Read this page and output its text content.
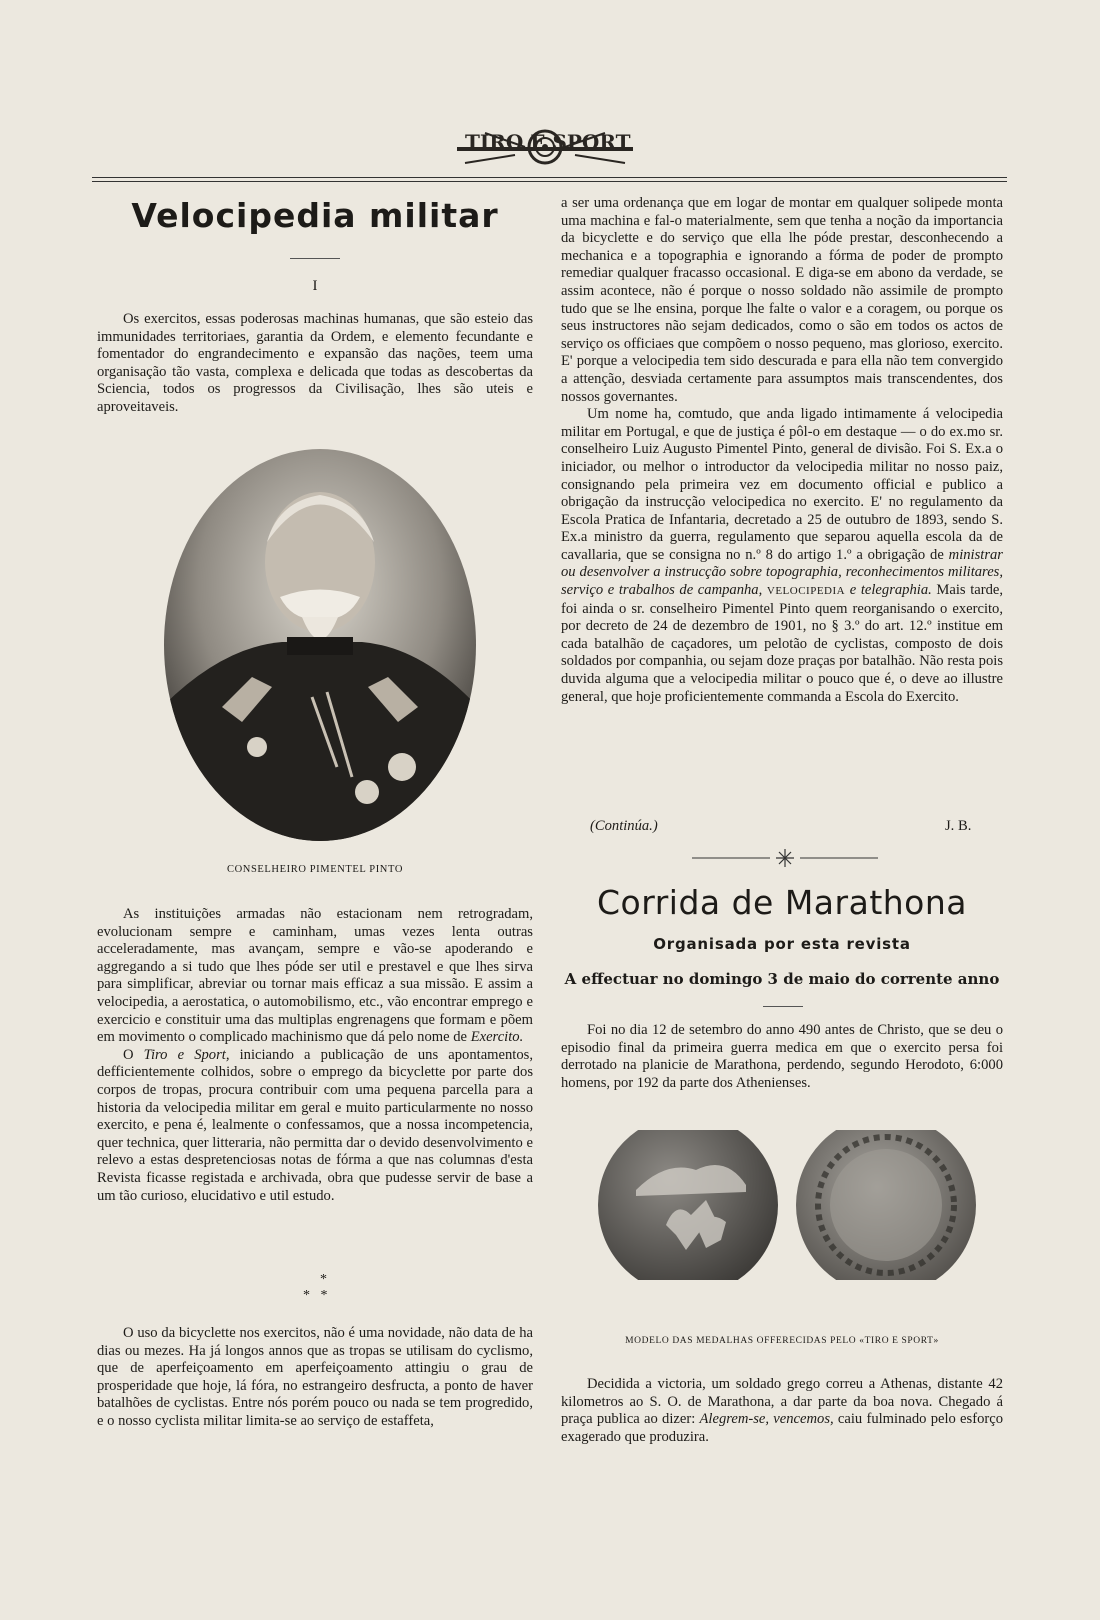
TIRO E SPORT
Velocipedia militar
I

Os exercitos, essas poderosas machinas humanas, que são esteio das immunidades territoriaes, garantia da Ordem, e elemento fecundante e fomentador do engrandecimento e expansão das nações, teem uma organisação tão vasta, complexa e delicada que todas as descobertas da Sciencia, todos os progressos da Civilisação, lhes são uteis e aproveitaveis.

CONSELHEIRO PIMENTEL PINTO

As instituições armadas não estacionam nem retrogradam, evolucionam sempre e caminham, umas vezes lenta outras acceleradamente, mas avançam, sempre e vão-se apoderando e aggregando a si tudo que lhes póde ser util e prestavel e que lhes sirva para simplificar, abreviar ou tornar mais efficaz a sua missão. E assim a velocipedia, a aerostatica, o automobilismo, etc., vão encontrar emprego e exercicio e constituir uma das multiplas engrenagens que formam e põem em movimento o complicado machinismo que dá pelo nome de Exercito.

O Tiro e Sport, iniciando a publicação de uns apontamentos, defficientemente colhidos, sobre o emprego da bicyclette por parte dos corpos de tropas, procura contribuir com uma pequena parcella para a historia da velocipedia militar em geral e muito particularmente no nosso exercito, e pena é, lealmente o confessamos, que a nossa incompetencia, quer technica, quer litteraria, não permitta dar o devido desenvolvimento e relevo a estas despretenciosas notas de fórma a que nas columnas d'esta Revista ficasse registada e archivada, obra que pudesse servir de base a um tão curioso, elucidativo e util estudo.

*
*   *

O uso da bicyclette nos exercitos, não é uma novidade, não data de ha dias ou mezes. Ha já longos annos que as tropas se utilisam do cyclismo, que de aperfeiçoamento em aperfeiçoamento attingiu o grau de prosperidade que hoje, lá fóra, no estrangeiro desfructa, a ponto de haver batalhões de cyclistas. Entre nós porém pouco ou nada se tem progredido, e o nosso cyclista militar limita-se ao serviço de estaffeta,

a ser uma ordenança que em logar de montar em qualquer solipede monta uma machina e fal-o materialmente, sem que tenha a noção da importancia da bicyclette e do serviço que ella lhe póde prestar, desconhecendo a mechanica e a topographia e ignorando a fórma de poder de prompto remediar qualquer fracasso occasional. E diga-se em abono da verdade, se assim acontece, não é porque o nosso soldado não assimile de prompto tudo que se lhe ensina, porque lhe falte o valor e a coragem, ou porque os seus instructores não sejam dedicados, como o são em todos os actos de serviço os officiaes que compõem o nosso pequeno, mas glorioso, exercito. E' porque a velocipedia tem sido descurada e para ella não tem convergido a attenção, desviada certamente para assumptos mais transcendentes, dos nossos governantes.

Um nome ha, comtudo, que anda ligado intimamente á velocipedia militar em Portugal, e que de justiça é pôl-o em destaque — o do ex.mo sr. conselheiro Luiz Augusto Pimentel Pinto, general de divisão. Foi S. Ex.a o iniciador, ou melhor o introductor da velocipedia militar no nosso paiz, consignando pela primeira vez em documento official e publico a obrigação da instrucção velocipedica no exercito. E' no regulamento da Escola Pratica de Infantaria, decretado a 25 de outubro de 1893, sendo S. Ex.a ministro da guerra, regulamento que separou aquella escola da de cavallaria, que se consigna no n.º 8 do artigo 1.º a obrigação de ministrar ou desenvolver a instrucção sobre topographia, reconhecimentos militares, serviço e trabalhos de campanha, VELOCIPEDIA e telegraphia. Mais tarde, foi ainda o sr. conselheiro Pimentel Pinto quem reorganisando o exercito, por decreto de 24 de dezembro de 1901, no § 3.º do art. 12.º institue em cada batalhão de caçadores, um pelotão de cyclistas, composto de dois soldados por companhia, ou sejam doze praças por batalhão. Não resta pois duvida alguma que a velocipedia militar o pouco que é, o deve ao illustre general, que hoje proficientemente commanda a Escola do Exercito.

(Continúa.)	J. B.
Corrida de Marathona
Organisada por esta revista
A effectuar no domingo 3 de maio do corrente anno

Foi no dia 12 de setembro do anno 490 antes de Christo, que se deu o episodio final da primeira guerra medica em que o exercito persa foi derrotado na planicie de Marathona, perdendo, segundo Herodoto, 6:000 homens, por 192 da parte dos Athenienses.

MODELO DAS MEDALHAS OFFERECIDAS PELO «TIRO E SPORT»

Decidida a victoria, um soldado grego correu a Athenas, distante 42 kilometros ao S. O. de Marathona, a dar parte da boa nova. Chegado á praça publica ao dizer: Alegrem-se, vencemos, caiu fulminado pelo esforço exagerado que produzira.
